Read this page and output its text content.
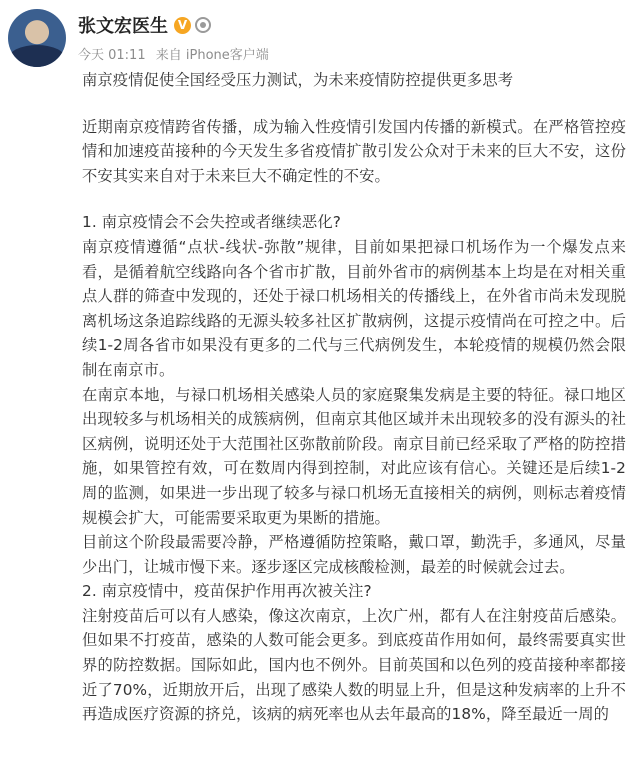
张文宏医生 V
今天 01:11 来自 iPhone客户端

南京疫情促使全国经受压力测试，为未来疫情防控提供更多思考

近期南京疫情跨省传播，成为输入性疫情引发国内传播的新模式。在严格管控疫情和加速疫苗接种的今天发生多省疫情扩散引发公众对于未来的巨大不安，这份不安其实来自对于未来巨大不确定性的不安。

1. 南京疫情会不会失控或者继续恶化?

南京疫情遵循“点状-线状-弥散”规律，目前如果把禄口机场作为一个爆发点来看，是循着航空线路向各个省市扩散，目前外省市的病例基本上均是在对相关重点人群的筛查中发现的，还处于禄口机场相关的传播线上，在外省市尚未发现脱离机场这条追踪线路的无源头较多社区扩散病例，这提示疫情尚在可控之中。后续1-2周各省市如果没有更多的二代与三代病例发生，本轮疫情的规模仍然会限制在南京市。

在南京本地，与禄口机场相关感染人员的家庭聚集发病是主要的特征。禄口地区出现较多与机场相关的成簇病例，但南京其他区域并未出现较多的没有源头的社区病例，说明还处于大范围社区弥散前阶段。南京目前已经采取了严格的防控措施，如果管控有效，可在数周内得到控制，对此应该有信心。关键还是后续1-2周的监测，如果进一步出现了较多与禄口机场无直接相关的病例，则标志着疫情规模会扩大，可能需要采取更为果断的措施。

目前这个阶段最需要冷静，严格遵循防控策略，戴口罩，勤洗手，多通风，尽量少出门，让城市慢下来。逐步逐区完成核酸检测，最差的时候就会过去。

2. 南京疫情中，疫苗保护作用再次被关注?

注射疫苗后可以有人感染，像这次南京，上次广州，都有人在注射疫苗后感染。但如果不打疫苗，感染的人数可能会更多。到底疫苗作用如何，最终需要真实世界的防控数据。国际如此，国内也不例外。目前英国和以色列的疫苗接种率都接近了70%，近期放开后，出现了感染人数的明显上升，但是这种发病率的上升不再造成医疗资源的挤兑，该病的病死率也从去年最高的18%，降至最近一周的
